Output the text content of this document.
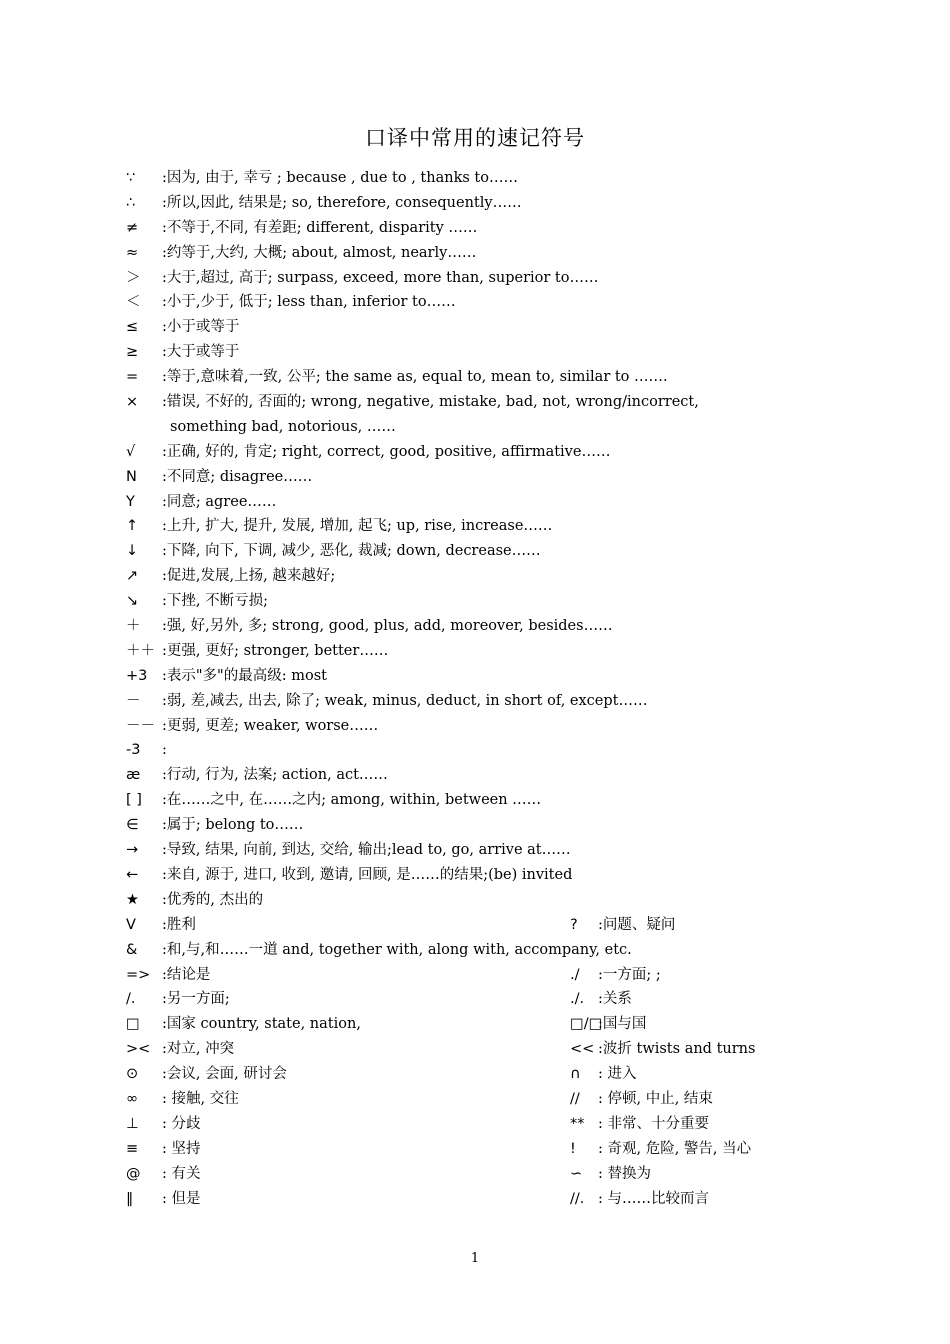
口译中常用的速记符号
∵ :因为, 由于, 幸亏 ; because , due to , thanks to……
∴ :所以,因此, 结果是; so, therefore, consequently……
≠ :不等于,不同, 有差距; different, disparity ……
≈ :约等于,大约, 大概; about, almost, nearly……
＞ :大于,超过, 高于; surpass, exceed, more than, superior to……
＜ :小于,少于, 低于; less than, inferior to……
≤ :小于或等于
≥ :大于或等于
= :等于,意味着,一致, 公平; the same as, equal to, mean to, similar to …….
× :错误, 不好的, 否面的; wrong, negative, mistake, bad, not, wrong/incorrect,
something bad, notorious, ……
√ :正确, 好的, 肯定; right, correct, good, positive, affirmative……
N :不同意; disagree……
Y :同意; agree……
↑ :上升, 扩大, 提升, 发展, 增加, 起飞; up, rise, increase……
↓ :下降, 向下, 下调, 减少, 恶化, 裁减; down, decrease……
↗ :促进,发展,上扬, 越来越好;
↘ :下挫, 不断亏损;
＋ :强, 好,另外, 多; strong, good, plus, add, moreover, besides……
＋＋ :更强, 更好; stronger, better……
+3 :表示"多"的最高级: most
－ :弱, 差,减去, 出去, 除了; weak, minus, deduct, in short of, except……
－－ :更弱, 更差; weaker, worse……
-3 :
æ :行动, 行为, 法案; action, act……
[ ] :在……之中, 在……之内; among, within, between ……
∈ :属于; belong to……
→ :导致, 结果, 向前, 到达, 交给, 输出;lead to, go, arrive at……
← :来自, 源于, 进口, 收到, 邀请, 回顾, 是……的结果;(be) invited
★ :优秀的, 杰出的
V :胜利	? :问题、疑问
& :和,与,和……一道 and, together with, along with, accompany, etc.
=> :结论是	./ :一方面; ;
/. :另一方面;	./. :关系
□ :国家 country, state, nation,	□/□:国与国
>< :对立, 冲突	<< :波折 twists and turns
⊙ :会议, 会面, 研讨会	∩ : 进入
∞ : 接触, 交往	// : 停顿, 中止, 结束
⊥ : 分歧	** : 非常、十分重要
≡ : 坚持	! : 奇观, 危险, 警告, 当心
@ : 有关	∽ : 替换为
‖ : 但是	//. : 与……比较而言
1
